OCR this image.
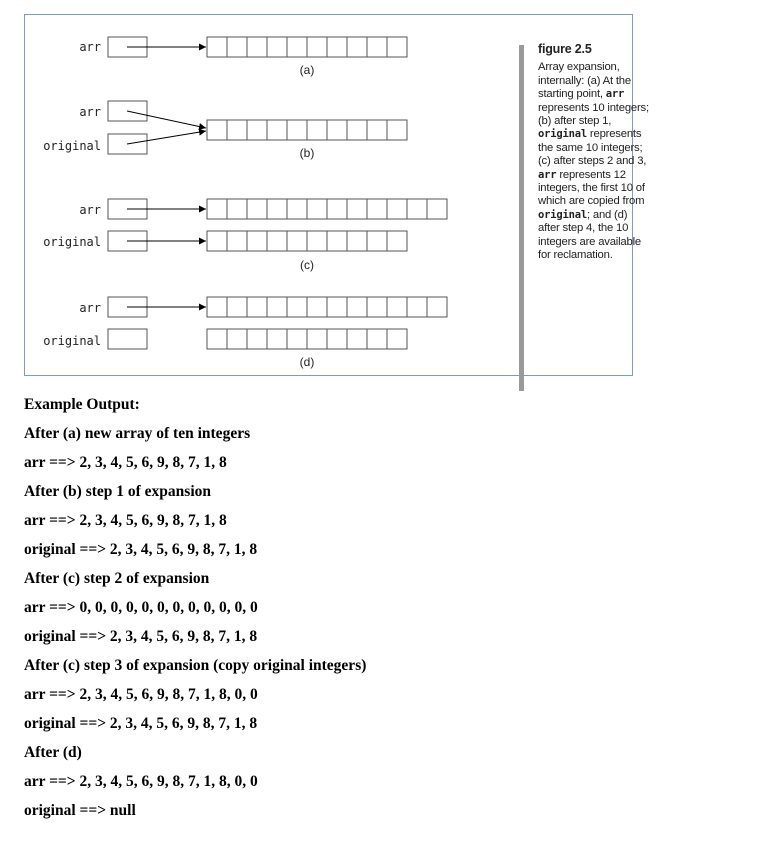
arr
(a)
arr
original	(b)
arr
original
(c)
arr
original
(d)
figure 2.5
Array expansion, internally: (a) At the starting point, arr represents 10 integers; (b) after step 1, original represents the same 10 integers; (c) after steps 2 and 3, arr represents 12 integers, the first 10 of which are copied from original; and (d) after step 4, the 10 integers are available for reclamation.
Example Output:
After (a) new array of ten integers
arr ==> 2, 3, 4, 5, 6, 9, 8, 7, 1, 8
After (b) step 1 of expansion
arr ==> 2, 3, 4, 5, 6, 9, 8, 7, 1, 8
original ==> 2, 3, 4, 5, 6, 9, 8, 7, 1, 8
After (c) step 2 of expansion
arr ==> 0, 0, 0, 0, 0, 0, 0, 0, 0, 0, 0, 0
original ==> 2, 3, 4, 5, 6, 9, 8, 7, 1, 8
After (c) step 3 of expansion (copy original integers)
arr ==> 2, 3, 4, 5, 6, 9, 8, 7, 1, 8, 0, 0
original ==> 2, 3, 4, 5, 6, 9, 8, 7, 1, 8
After (d)
arr ==> 2, 3, 4, 5, 6, 9, 8, 7, 1, 8, 0, 0
original ==> null
